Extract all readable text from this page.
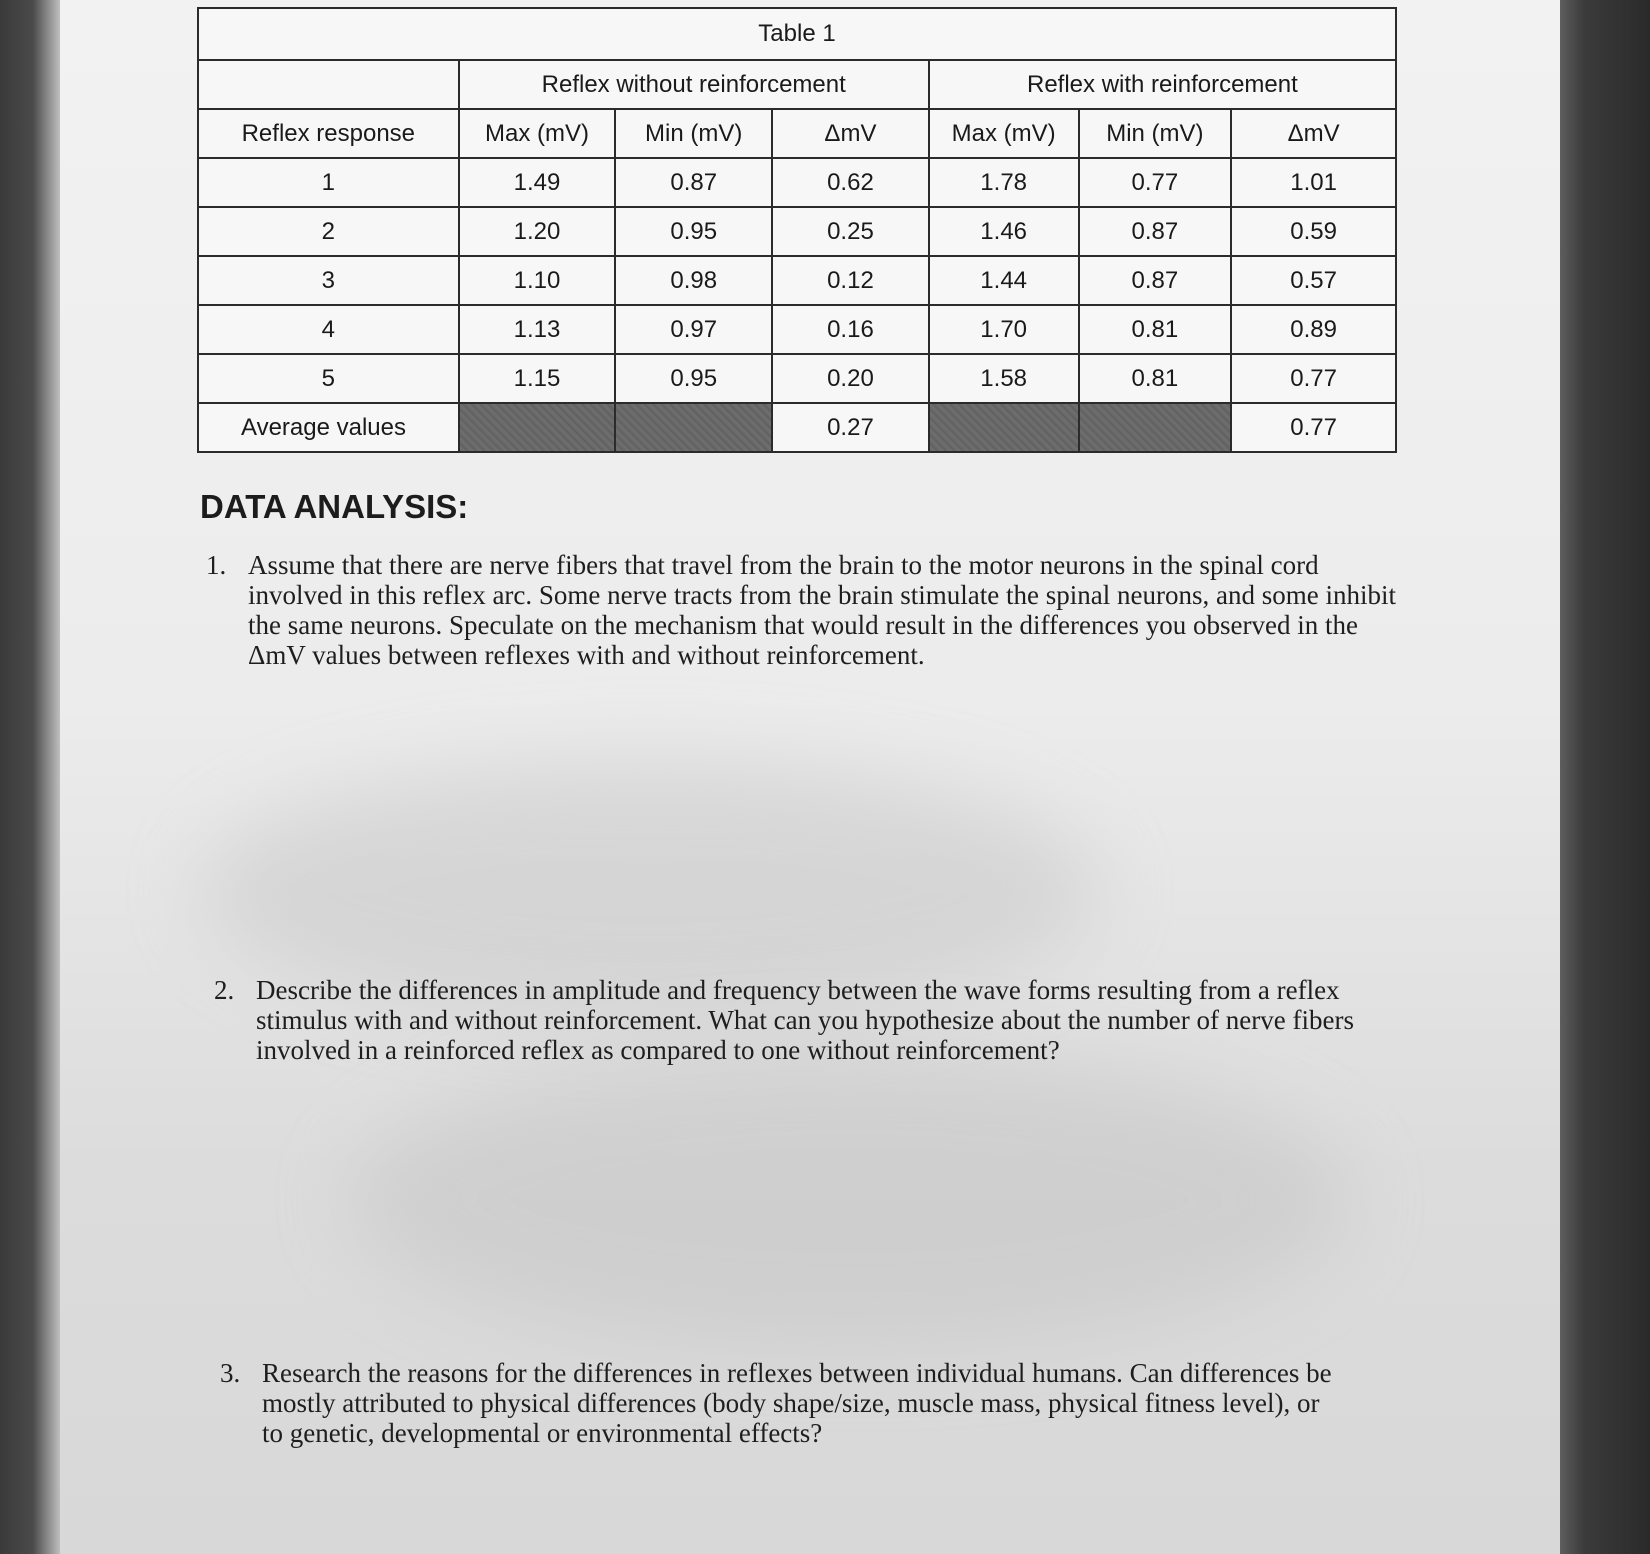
Table 1						
	Reflex without reinforcement			Reflex with reinforcement		
Reflex response	Max (mV)	Min (mV)	ΔmV	Max (mV)	Min (mV)	ΔmV
1	1.49	0.87	0.62	1.78	0.77	1.01
2	1.20	0.95	0.25	1.46	0.87	0.59
3	1.10	0.98	0.12	1.44	0.87	0.57
4	1.13	0.97	0.16	1.70	0.81	0.89
5	1.15	0.95	0.20	1.58	0.81	0.77
Average values			0.27			0.77
DATA ANALYSIS:
1. Assume that there are nerve fibers that travel from the brain to the motor neurons in the spinal cord involved in this reflex arc. Some nerve tracts from the brain stimulate the spinal neurons, and some inhibit the same neurons. Speculate on the mechanism that would result in the differences you observed in the ΔmV values between reflexes with and without reinforcement.
2. Describe the differences in amplitude and frequency between the wave forms resulting from a reflex stimulus with and without reinforcement. What can you hypothesize about the number of nerve fibers involved in a reinforced reflex as compared to one without reinforcement?
3. Research the reasons for the differences in reflexes between individual humans. Can differences be mostly attributed to physical differences (body shape/size, muscle mass, physical fitness level), or to genetic, developmental or environmental effects?
